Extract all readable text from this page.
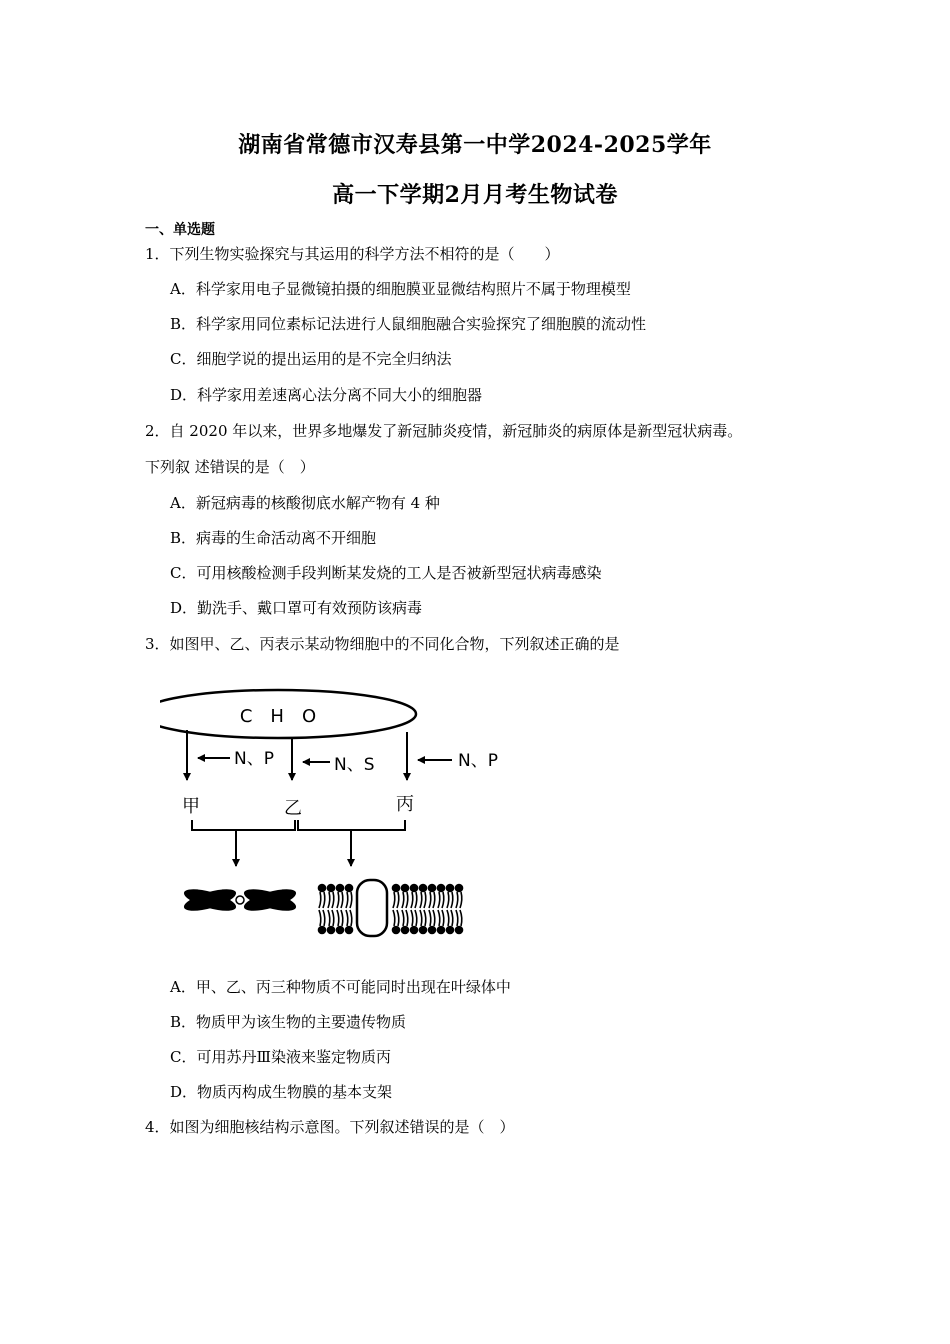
湖南省常德市汉寿县第一中学2024-2025学年
高一下学期2月月考生物试卷
一、单选题
1．下列生物实验探究与其运用的科学方法不相符的是（　　）
A．科学家用电子显微镜拍摄的细胞膜亚显微结构照片不属于物理模型
B．科学家用同位素标记法进行人鼠细胞融合实验探究了细胞膜的流动性
C．细胞学说的提出运用的是不完全归纳法
D．科学家用差速离心法分离不同大小的细胞器
2．自 2020 年以来，世界多地爆发了新冠肺炎疫情，新冠肺炎的病原体是新型冠状病毒。
下列叙 述错误的是（　）
A．新冠病毒的核酸彻底水解产物有 4 种
B．病毒的生命活动离不开细胞
C．可用核酸检测手段判断某发烧的工人是否被新型冠状病毒感染
D．勤洗手、戴口罩可有效预防该病毒
3．如图甲、乙、丙表示某动物细胞中的不同化合物，下列叙述正确的是
C　H　O
N、P	N、S	N、P
甲	乙	丙
A．甲、乙、丙三种物质不可能同时出现在叶绿体中
B．物质甲为该生物的主要遗传物质
C．可用苏丹Ⅲ染液来鉴定物质丙
D．物质丙构成生物膜的基本支架
4．如图为细胞核结构示意图。下列叙述错误的是（　）
